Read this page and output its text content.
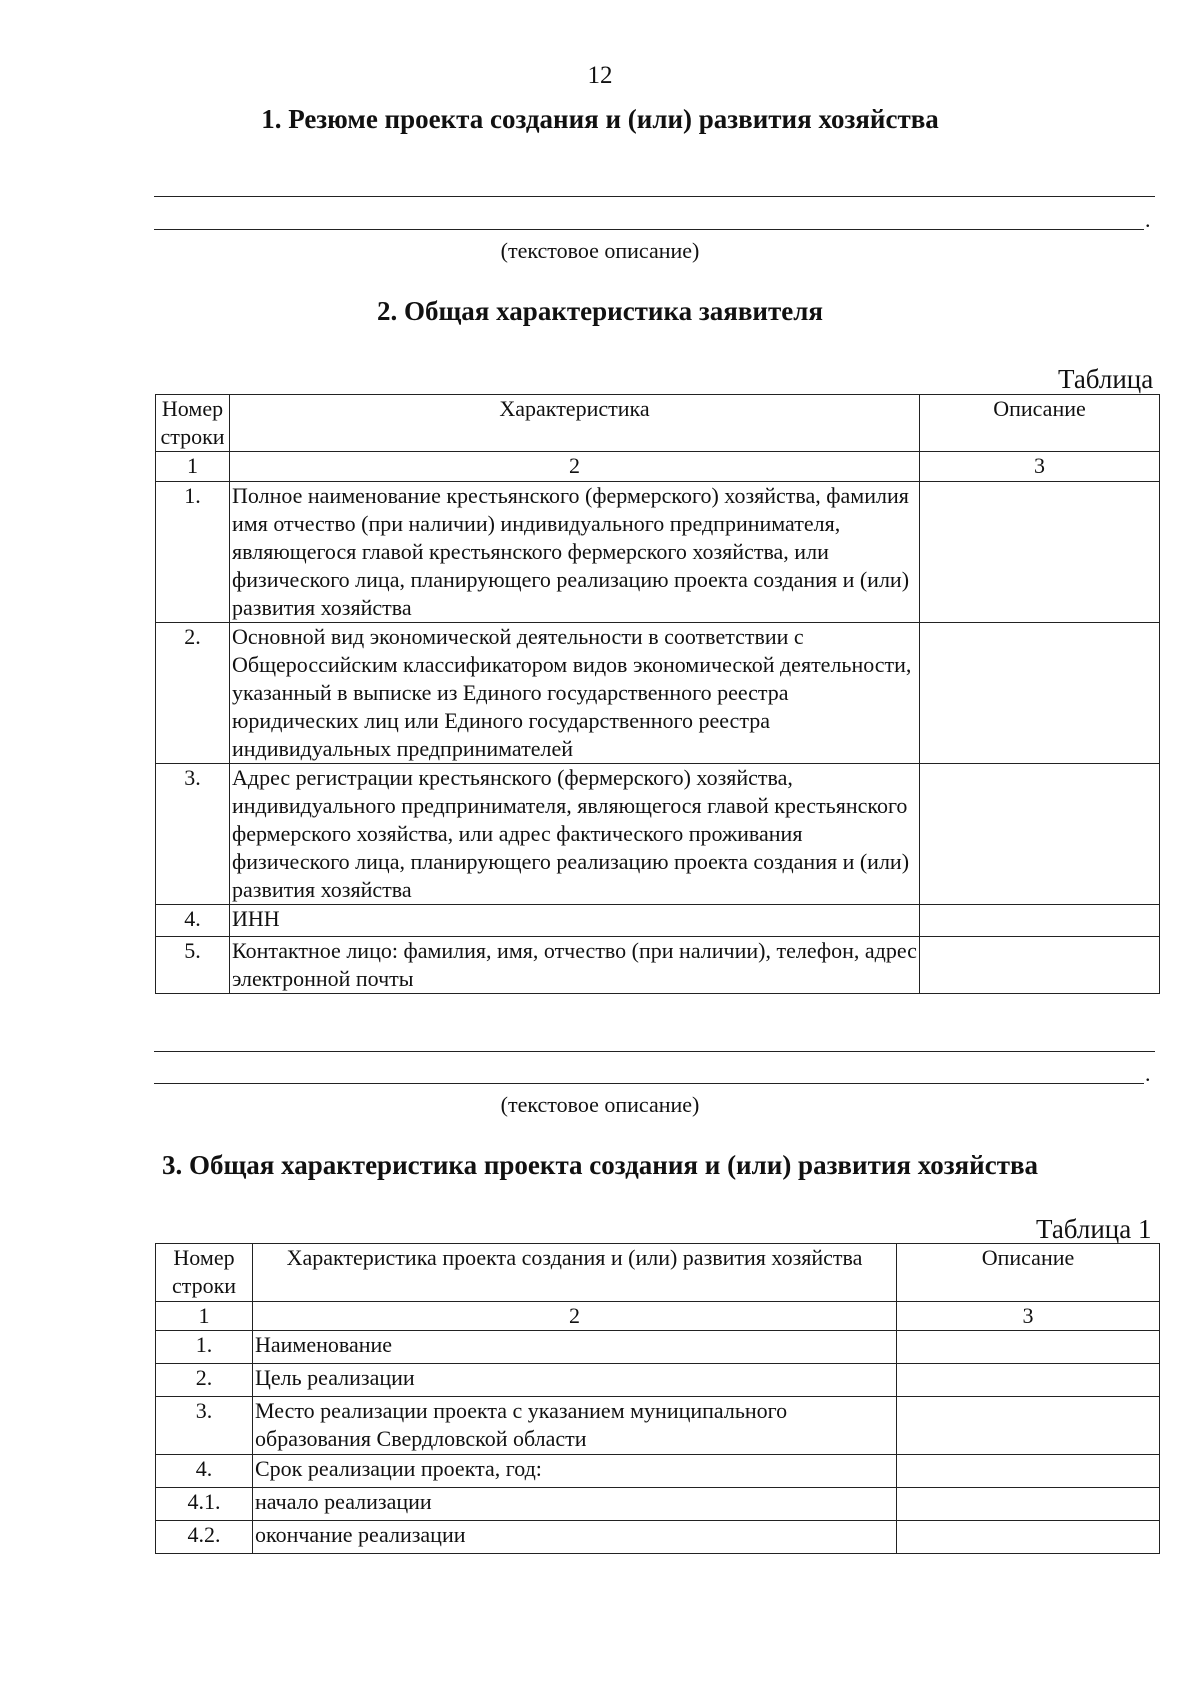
12
1. Резюме проекта создания и (или) развития хозяйства
.
(текстовое описание)
2. Общая характеристика заявителя
Таблица
Номер строки	Характеристика	Описание
1	2	3
1.	Полное наименование крестьянского (фермерского) хозяйства, фамилия имя отчество (при наличии) индивидуального предпринимателя, являющегося главой крестьянского фермерского хозяйства, или физического лица, планирующего реализацию проекта создания и (или) развития хозяйства	
2.	Основной вид экономической деятельности в соответствии с Общероссийским классификатором видов экономической деятельности, указанный в выписке из Единого государственного реестра юридических лиц или Единого государственного реестра индивидуальных предпринимателей	
3.	Адрес регистрации крестьянского (фермерского) хозяйства, индивидуального предпринимателя, являющегося главой крестьянского фермерского хозяйства, или адрес фактического проживания физического лица, планирующего реализацию проекта создания и (или) развития хозяйства	
4.	ИНН	
5.	Контактное лицо: фамилия, имя, отчество (при наличии), телефон, адрес электронной почты	
.
(текстовое описание)
3. Общая характеристика проекта создания и (или) развития хозяйства
Таблица 1
Номер строки	Характеристика проекта создания и (или) развития хозяйства	Описание
1	2	3
1.	Наименование	
2.	Цель реализации	
3.	Место реализации проекта с указанием муниципального образования Свердловской области	
4.	Срок реализации проекта, год:	
4.1.	начало реализации	
4.2.	окончание реализации	
